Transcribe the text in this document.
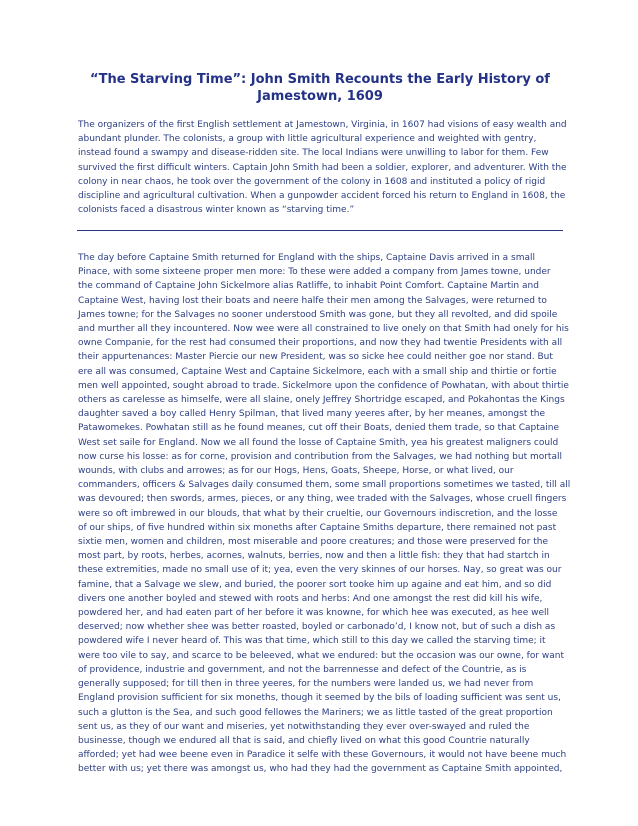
“The Starving Time”: John Smith Recounts the Early History of Jamestown, 1609
The organizers of the first English settlement at Jamestown, Virginia, in 1607 had visions of easy wealth and
abundant plunder. The colonists, a group with little agricultural experience and weighted with gentry,
instead found a swampy and disease-ridden site. The local Indians were unwilling to labor for them. Few
survived the first difficult winters. Captain John Smith had been a soldier, explorer, and adventurer. With the
colony in near chaos, he took over the government of the colony in 1608 and instituted a policy of rigid
discipline and agricultural cultivation. When a gunpowder accident forced his return to England in 1608, the
colonists faced a disastrous winter known as “starving time.”
The day before Captaine Smith returned for England with the ships, Captaine Davis arrived in a small
Pinace, with some sixteene proper men more: To these were added a company from James towne, under
the command of Captaine John Sickelmore alias Ratliffe, to inhabit Point Comfort. Captaine Martin and
Captaine West, having lost their boats and neere halfe their men among the Salvages, were returned to
James towne; for the Salvages no sooner understood Smith was gone, but they all revolted, and did spoile
and murther all they incountered. Now wee were all constrained to live onely on that Smith had onely for his
owne Companie, for the rest had consumed their proportions, and now they had twentie Presidents with all
their appurtenances: Master Piercie our new President, was so sicke hee could neither goe nor stand. But
ere all was consumed, Captaine West and Captaine Sickelmore, each with a small ship and thirtie or fortie
men well appointed, sought abroad to trade. Sickelmore upon the confidence of Powhatan, with about thirtie
others as carelesse as himselfe, were all slaine, onely Jeffrey Shortridge escaped, and Pokahontas the Kings
daughter saved a boy called Henry Spilman, that lived many yeeres after, by her meanes, amongst the
Patawomekes. Powhatan still as he found meanes, cut off their Boats, denied them trade, so that Captaine
West set saile for England. Now we all found the losse of Captaine Smith, yea his greatest maligners could
now curse his losse: as for corne, provision and contribution from the Salvages, we had nothing but mortall
wounds, with clubs and arrowes; as for our Hogs, Hens, Goats, Sheepe, Horse, or what lived, our
commanders, officers & Salvages daily consumed them, some small proportions sometimes we tasted, till all
was devoured; then swords, armes, pieces, or any thing, wee traded with the Salvages, whose cruell fingers
were so oft imbrewed in our blouds, that what by their crueltie, our Governours indiscretion, and the losse
of our ships, of five hundred within six moneths after Captaine Smiths departure, there remained not past
sixtie men, women and children, most miserable and poore creatures; and those were preserved for the
most part, by roots, herbes, acornes, walnuts, berries, now and then a little fish: they that had startch in
these extremities, made no small use of it; yea, even the very skinnes of our horses. Nay, so great was our
famine, that a Salvage we slew, and buried, the poorer sort tooke him up againe and eat him, and so did
divers one another boyled and stewed with roots and herbs: And one amongst the rest did kill his wife,
powdered her, and had eaten part of her before it was knowne, for which hee was executed, as hee well
deserved; now whether shee was better roasted, boyled or carbonado’d, I know not, but of such a dish as
powdered wife I never heard of. This was that time, which still to this day we called the starving time; it
were too vile to say, and scarce to be beleeved, what we endured: but the occasion was our owne, for want
of providence, industrie and government, and not the barrennesse and defect of the Countrie, as is
generally supposed; for till then in three yeeres, for the numbers were landed us, we had never from
England provision sufficient for six moneths, though it seemed by the bils of loading sufficient was sent us,
such a glutton is the Sea, and such good fellowes the Mariners; we as little tasted of the great proportion
sent us, as they of our want and miseries, yet notwithstanding they ever over-swayed and ruled the
businesse, though we endured all that is said, and chiefly lived on what this good Countrie naturally
afforded; yet had wee beene even in Paradice it selfe with these Governours, it would not have beene much
better with us; yet there was amongst us, who had they had the government as Captaine Smith appointed,
